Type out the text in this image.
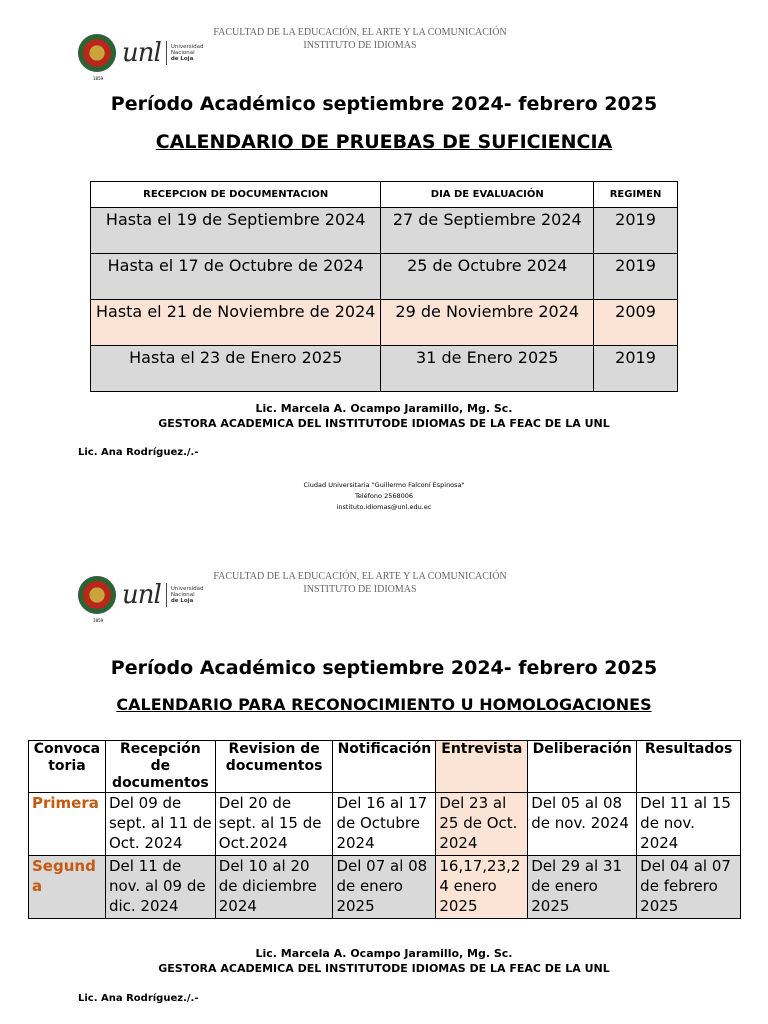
1859
unl Universidad
Nacional
de Loja
FACULTAD DE LA EDUCACIÓN, EL ARTE Y LA COMUNICACIÓN
INSTITUTO DE IDIOMAS
Período Académico septiembre 2024- febrero 2025
CALENDARIO DE PRUEBAS DE SUFICIENCIA
RECEPCION DE DOCUMENTACION	DIA DE EVALUACIÓN	REGIMEN
Hasta el 19 de Septiembre 2024	27 de Septiembre 2024	2019
Hasta el 17 de Octubre de 2024	25 de Octubre 2024	2019
Hasta el 21 de Noviembre de 2024	29 de Noviembre 2024	2009
Hasta el 23 de Enero 2025	31 de Enero 2025	2019
Lic. Marcela A. Ocampo Jaramillo, Mg. Sc.
GESTORA ACADEMICA DEL INSTITUTODE IDIOMAS DE LA FEAC DE LA UNL
Lic. Ana Rodríguez./.-
Ciudad Universitaria "Guillermo Falconí Espinosa"
Teléfono 2568006
instituto.idiomas@unl.edu.ec
1859
unl Universidad
Nacional
de Loja
FACULTAD DE LA EDUCACIÓN, EL ARTE Y LA COMUNICACIÓN
INSTITUTO DE IDIOMAS
Período Académico septiembre 2024- febrero 2025
CALENDARIO PARA RECONOCIMIENTO U HOMOLOGACIONES
Convoca toria	Recepción de documentos	Revision de documentos	Notificación	Entrevista	Deliberación	Resultados
Primera	Del 09 de sept. al 11 de Oct. 2024	Del 20 de sept. al 15 de Oct.2024	Del 16 al 17 de Octubre 2024	Del 23 al 25 de Oct. 2024	Del 05 al 08 de nov. 2024	Del 11 al 15 de nov. 2024
Segund a	Del 11 de nov. al 09 de dic. 2024	Del 10 al 20 de diciembre 2024	Del 07 al 08 de enero 2025	16,17,23,2 4 enero 2025	Del 29 al 31 de enero 2025	Del 04 al 07 de febrero 2025
Lic. Marcela A. Ocampo Jaramillo, Mg. Sc.
GESTORA ACADEMICA DEL INSTITUTODE IDIOMAS DE LA FEAC DE LA UNL
Lic. Ana Rodríguez./.-
